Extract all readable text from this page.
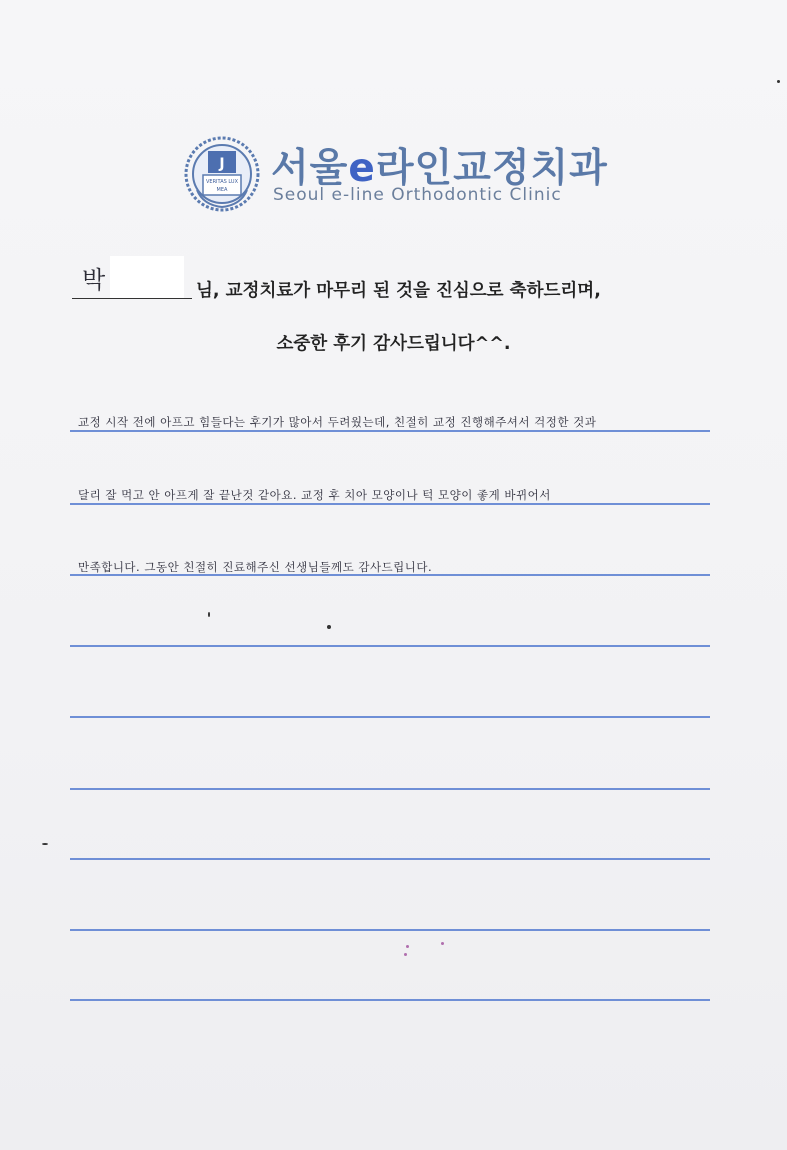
J
VERITAS LUX
MEA 서울e라인교정치과
Seoul e-line Orthodontic Clinic
박	님, 교정치료가 마무리 된 것을 진심으로 축하드리며,
소중한 후기 감사드립니다^^.
교정 시작 전에 아프고 힘들다는 후기가 많아서 두려웠는데, 친절히 교정 진행해주셔서 걱정한 것과
달리 잘 먹고 안 아프게 잘 끝난것 같아요. 교정 후 치아 모양이나 턱 모양이 좋게 바뀌어서
만족합니다. 그동안 친절히 진료해주신 선생님들께도 감사드립니다.
